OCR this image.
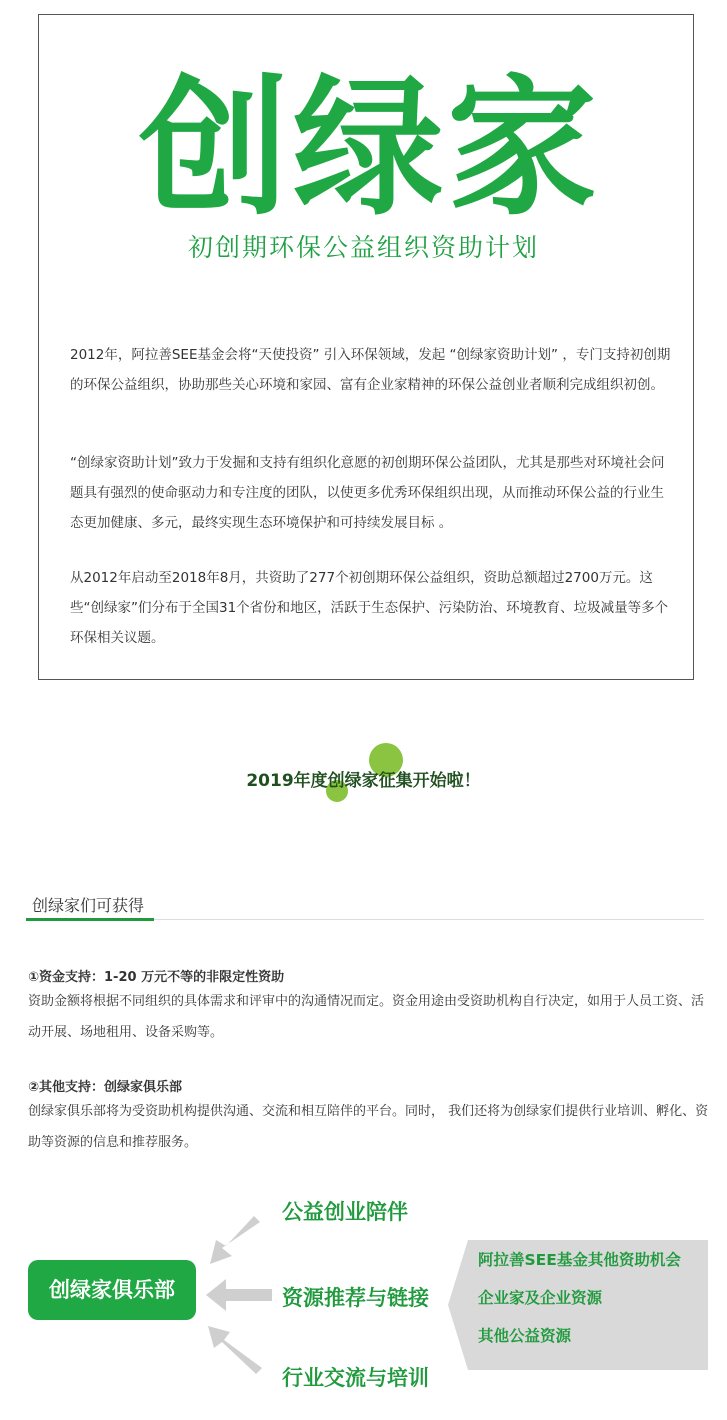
创绿家
初创期环保公益组织资助计划

2012年，阿拉善SEE基金会将“天使投资” 引入环保领域，发起 “创绿家资助计划” ，专门支持初创期的环保公益组织，协助那些关心环境和家园、富有企业家精神的环保公益创业者顺利完成组织初创。

“创绿家资助计划”致力于发掘和支持有组织化意愿的初创期环保公益团队，尤其是那些对环境社会问题具有强烈的使命驱动力和专注度的团队，以使更多优秀环保组织出现，从而推动环保公益的行业生态更加健康、多元，最终实现生态环境保护和可持续发展目标 。

从2012年启动至2018年8月，共资助了277个初创期环保公益组织，资助总额超过2700万元。这些“创绿家”们分布于全国31个省份和地区，活跃于生态保护、污染防治、环境教育、垃圾减量等多个环保相关议题。

2019年度创绿家征集开始啦！
创绿家们可获得
①资金支持：1-20 万元不等的非限定性资助

资助金额将根据不同组织的具体需求和评审中的沟通情况而定。资金用途由受资助机构自行决定，如用于人员工资、活动开展、场地租用、设备采购等。

②其他支持：创绿家俱乐部

创绿家俱乐部将为受资助机构提供沟通、交流和相互陪伴的平台。同时， 我们还将为创绿家们提供行业培训、孵化、资助等资源的信息和推荐服务。

创绿家俱乐部
公益创业陪伴
资源推荐与链接
行业交流与培训
阿拉善SEE基金其他资助机会
企业家及企业资源
其他公益资源
